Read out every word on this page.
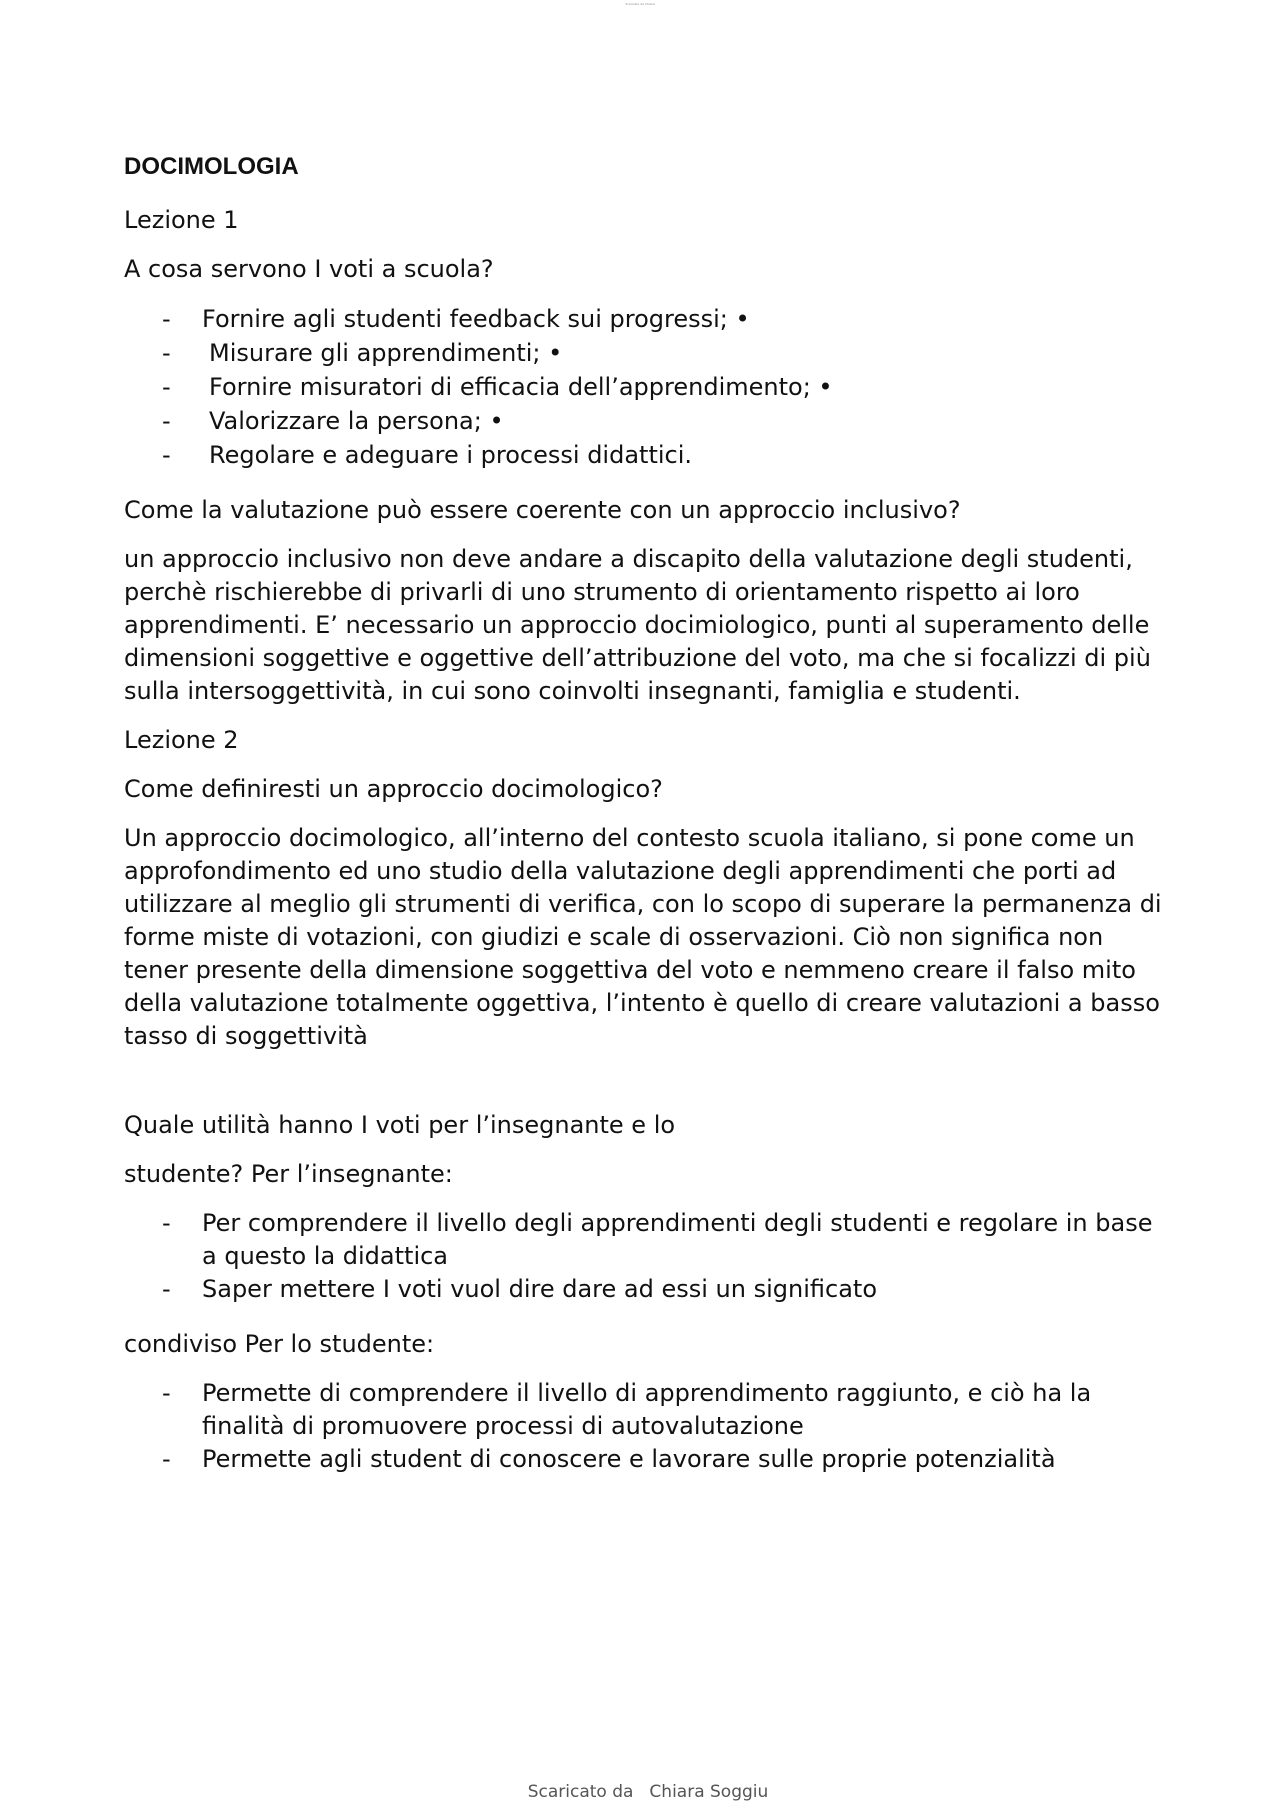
Scaricato da Chiara
DOCIMOLOGIA

Lezione 1

A cosa servono I voti a scuola?

- Fornire agli studenti feedback sui progressi; •
- Misurare gli apprendimenti; •
- Fornire misuratori di efficacia dell’apprendimento; •
- Valorizzare la persona; •
- Regolare e adeguare i processi didattici.

Come la valutazione può essere coerente con un approccio inclusivo?

un approccio inclusivo non deve andare a discapito della valutazione degli studenti, perchè rischierebbe di privarli di uno strumento di orientamento rispetto ai loro apprendimenti. E’ necessario un approccio docimiologico, punti al superamento delle dimensioni soggettive e oggettive dell’attribuzione del voto, ma che si focalizzi di più sulla intersoggettività, in cui sono coinvolti insegnanti, famiglia e studenti.

Lezione 2

Come definiresti un approccio docimologico?

Un approccio docimologico, all’interno del contesto scuola italiano, si pone come un approfondimento ed uno studio della valutazione degli apprendimenti che porti ad utilizzare al meglio gli strumenti di verifica, con lo scopo di superare la permanenza di forme miste di votazioni, con giudizi e scale di osservazioni. Ciò non significa non tener presente della dimensione soggettiva del voto e nemmeno creare il falso mito della valutazione totalmente oggettiva, l’intento è quello di creare valutazioni a basso tasso di soggettività

Quale utilità hanno I voti per l’insegnante e lo

studente? Per l’insegnante:

- Per comprendere il livello degli apprendimenti degli studenti e regolare in base a questo la didattica
- Saper mettere I voti vuol dire dare ad essi un significato

condiviso Per lo studente:

- Permette di comprendere il livello di apprendimento raggiunto, e ciò ha la finalità di promuovere processi di autovalutazione
- Permette agli student di conoscere e lavorare sulle proprie potenzialità
Scaricato da Chiara Soggiu
